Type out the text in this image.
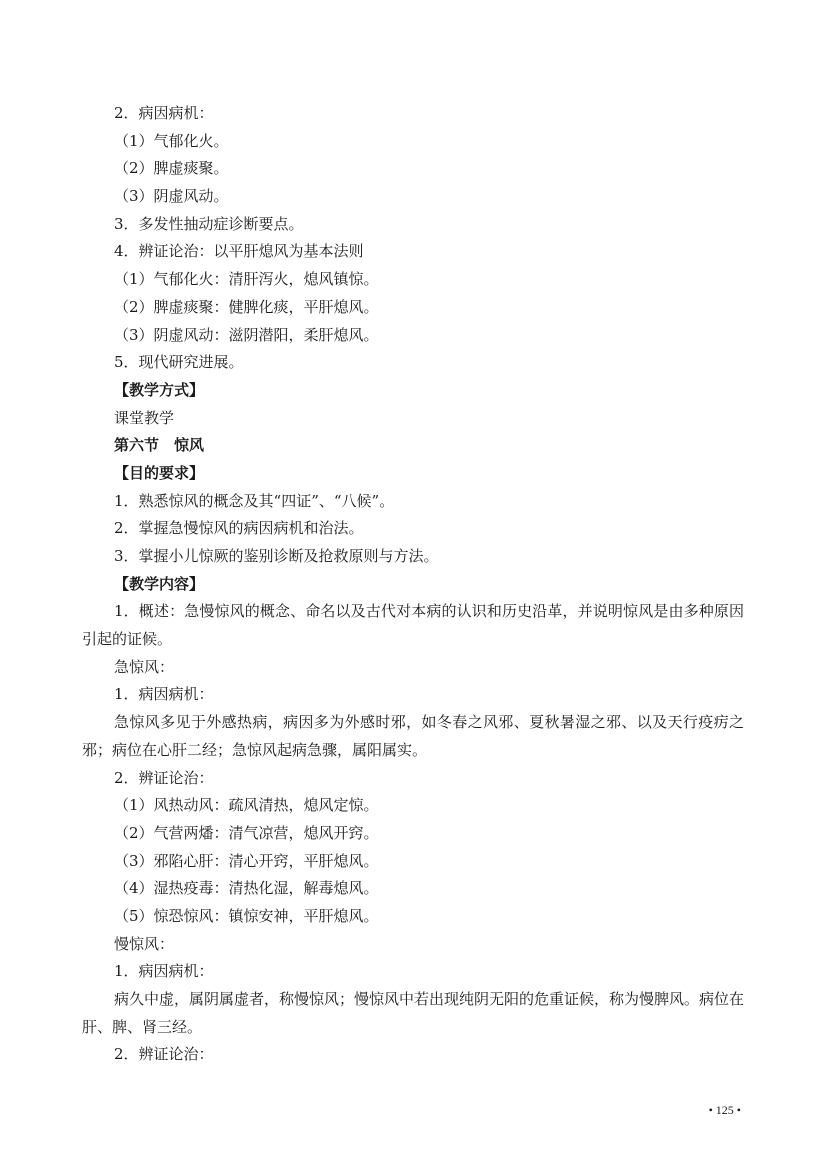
2．病因病机：
（1）气郁化火。
（2）脾虚痰聚。
（3）阴虚风动。
3．多发性抽动症诊断要点。
4．辨证论治：以平肝熄风为基本法则
（1）气郁化火：清肝泻火，熄风镇惊。
（2）脾虚痰聚：健脾化痰，平肝熄风。
（3）阴虚风动：滋阴潜阳，柔肝熄风。
5．现代研究进展。
【教学方式】
课堂教学
第六节　惊风
【目的要求】
1．熟悉惊风的概念及其“四证”、“八候”。
2．掌握急慢惊风的病因病机和治法。
3．掌握小儿惊厥的鉴别诊断及抢救原则与方法。
【教学内容】
1．概述：急慢惊风的概念、命名以及古代对本病的认识和历史沿革，并说明惊风是由多种原因引起的证候。
急惊风：
1．病因病机：
急惊风多见于外感热病，病因多为外感时邪，如冬春之风邪、夏秋暑湿之邪、以及天行疫疠之邪；病位在心肝二经；急惊风起病急骤，属阳属实。
2．辨证论治：
（1）风热动风：疏风清热，熄风定惊。
（2）气营两燔：清气凉营，熄风开窍。
（3）邪陷心肝：清心开窍，平肝熄风。
（4）湿热疫毒：清热化湿，解毒熄风。
（5）惊恐惊风：镇惊安神，平肝熄风。
慢惊风：
1．病因病机：
病久中虚，属阴属虚者，称慢惊风；慢惊风中若出现纯阴无阳的危重证候，称为慢脾风。病位在肝、脾、肾三经。
2．辨证论治：
• 125 •
